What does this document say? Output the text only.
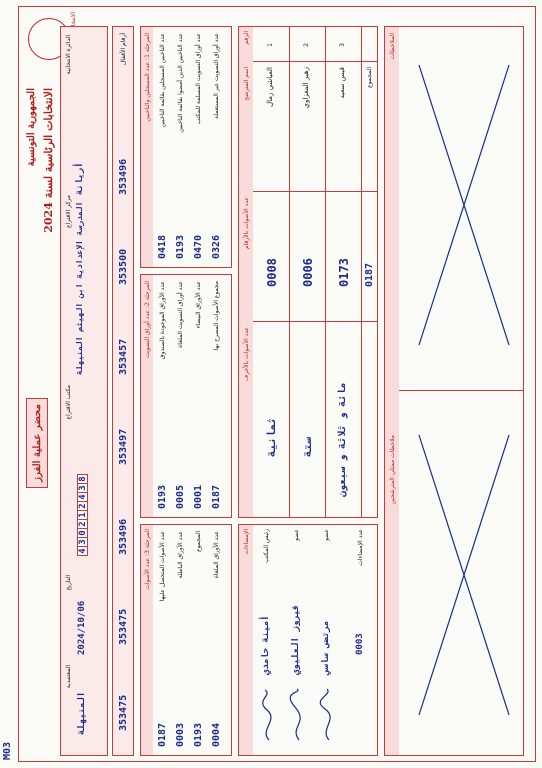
الجمهورية التونسية
الانتخابات الرئاسية لسنة 2024
محضر عملية الفرز
الدائرة الانتخابية
أريانة
مركز الاقتراع المدرسة الإعدادية ابن الهيثم المنيهلة
مكتب الاقتراع
4
3
0
2
1
2
4
3
8
التاريخ
2024/10/06
المعتمدية
المنيهلة
أرقام الأقفال
353496
353500
353457
353497
353496
353475
353475
المرحلة 1: عدد المسجلين والناخبين عدد الناخبين المسجلين بقائمة الناخبين
0418
عدد الناخبين الذين أمضوا بقائمة الناخبين
0193
عدد أوراق التصويت المسلمة للمكتب
0470
عدد أوراق التصويت غير المستعملة
0326
المرحلة 2: عدد أوراق التصويت عدد الأوراق الموجودة بالصندوق
0193
عدد أوراق التصويت الملغاة
0005
عدد الأوراق البيضاء
0001
مجموع الأصوات المصرح بها
0187
المرحلة 3: عدد الأصوات عدد الأصوات المتحصل عليها
0187
عدد الأوراق الباطلة
0003
المجموع
0193
عدد الأوراق الملغاة
0004
الرقم
اسم المترشح
عدد الأصوات بالأرقام
عدد الأصوات بالأحرف
1
العياشي زمال
0008
ثمانية
2
زهير المغزاوي
0006
ستة
3
قيس سعيد
0173
مائة و ثلاثة و سبعون
المجموع
0187
الإمضاءات رئيس المكتب
أمينة حامدي
عضو
فيروز العليوي
عضو
مرتضى ساسي
عدد الإمضاءات
0003
الملاحظات
ملاحظات ممثلي المترشحين
M03
